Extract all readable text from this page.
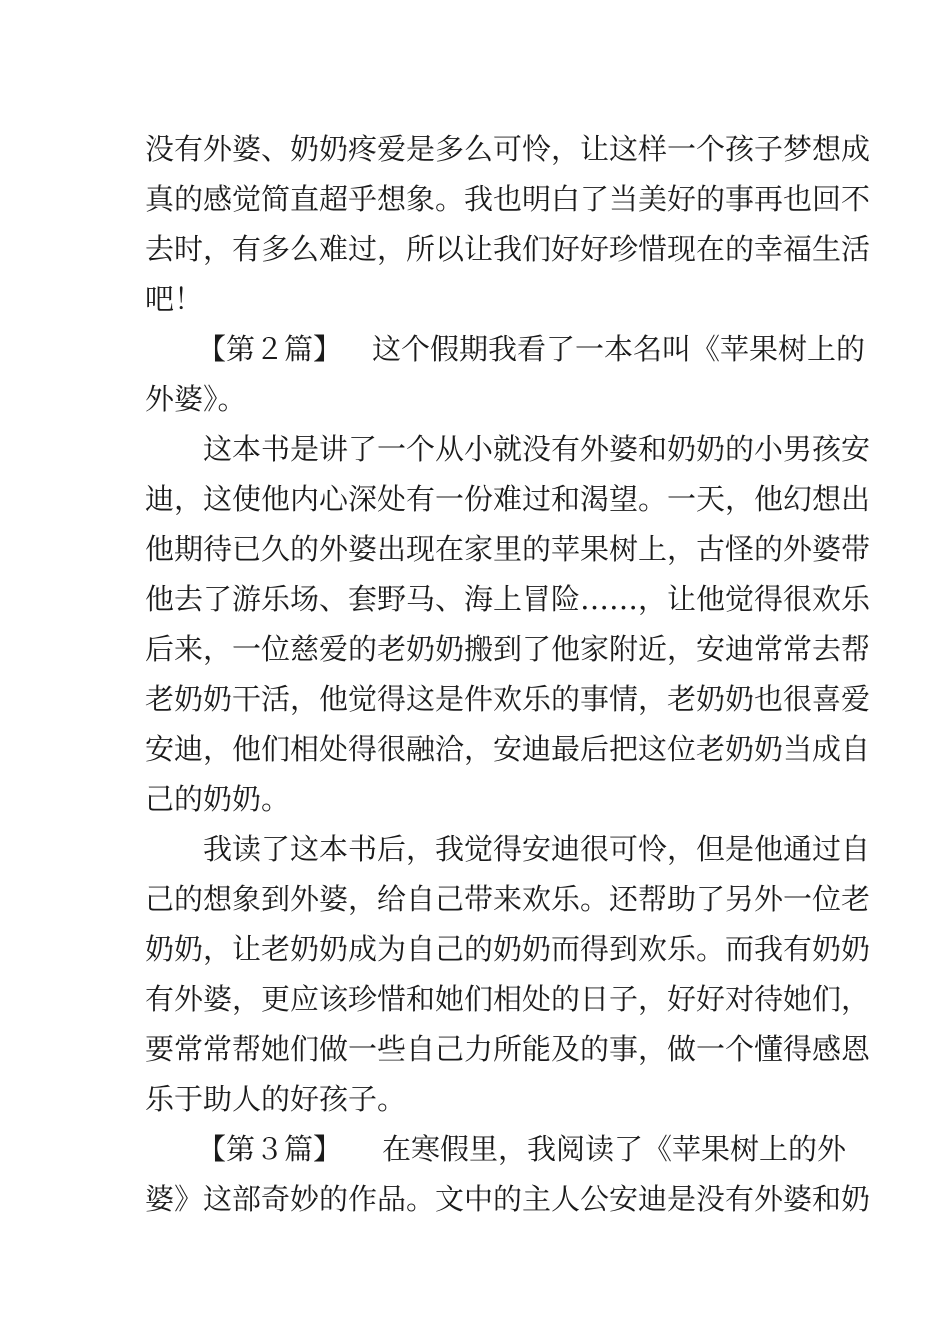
没有外婆、奶奶疼爱是多么可怜，让这样一个孩子梦想成
真的感觉简直超乎想象。我也明白了当美好的事再也回不
去时，有多么难过，所以让我们好好珍惜现在的幸福生活
吧！
【第２篇】 这个假期我看了一本名叫《苹果树上的
外婆》。
这本书是讲了一个从小就没有外婆和奶奶的小男孩安
迪，这使他内心深处有一份难过和渴望。一天，他幻想出
他期待已久的外婆出现在家里的苹果树上，古怪的外婆带
他去了游乐场、套野马、海上冒险……，让他觉得很欢乐
后来，一位慈爱的老奶奶搬到了他家附近，安迪常常去帮
老奶奶干活，他觉得这是件欢乐的事情，老奶奶也很喜爱
安迪，他们相处得很融洽，安迪最后把这位老奶奶当成自
己的奶奶。
我读了这本书后，我觉得安迪很可怜，但是他通过自
己的想象到外婆，给自己带来欢乐。还帮助了另外一位老
奶奶，让老奶奶成为自己的奶奶而得到欢乐。而我有奶奶
有外婆，更应该珍惜和她们相处的日子，好好对待她们，
要常常帮她们做一些自己力所能及的事，做一个懂得感恩
乐于助人的好孩子。
【第３篇】 在寒假里，我阅读了《苹果树上的外
婆》这部奇妙的作品。文中的主人公安迪是没有外婆和奶
